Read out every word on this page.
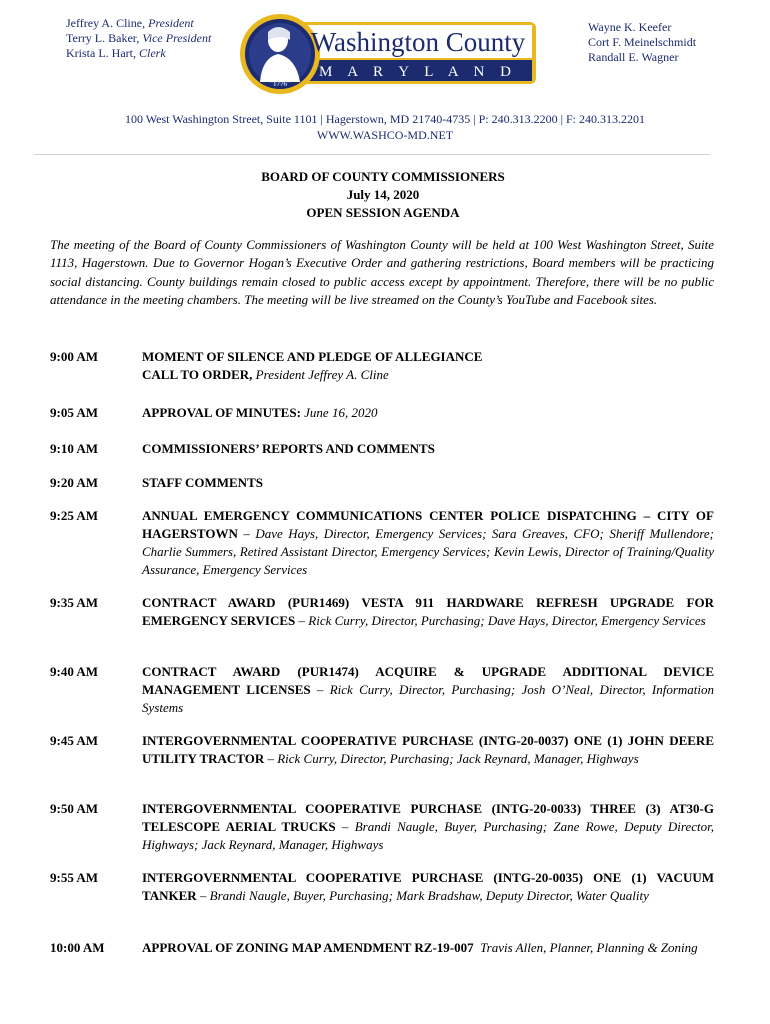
Jeffrey A. Cline, President
Terry L. Baker, Vice President
Krista L. Hart, Clerk
1776
Washington County
M A R Y L A N D
Wayne K. Keefer
Cort F. Meinelschmidt
Randall E. Wagner
100 West Washington Street, Suite 1101 | Hagerstown, MD 21740-4735 | P: 240.313.2200 | F: 240.313.2201
WWW.WASHCO-MD.NET
BOARD OF COUNTY COMMISSIONERS
July 14, 2020
OPEN SESSION AGENDA
The meeting of the Board of County Commissioners of Washington County will be held at 100 West Washington Street, Suite 1113, Hagerstown. Due to Governor Hogan’s Executive Order and gathering restrictions, Board members will be practicing social distancing. County buildings remain closed to public access except by appointment. Therefore, there will be no public attendance in the meeting chambers. The meeting will be live streamed on the County’s YouTube and Facebook sites.
9:00 AM	MOMENT OF SILENCE AND PLEDGE OF ALLEGIANCE
CALL TO ORDER, President Jeffrey A. Cline
9:05 AM	APPROVAL OF MINUTES: June 16, 2020
9:10 AM	COMMISSIONERS’ REPORTS AND COMMENTS
9:20 AM	STAFF COMMENTS
9:25 AM	ANNUAL EMERGENCY COMMUNICATIONS CENTER POLICE DISPATCHING – CITY OF HAGERSTOWN – Dave Hays, Director, Emergency Services; Sara Greaves, CFO; Sheriff Mullendore; Charlie Summers, Retired Assistant Director, Emergency Services; Kevin Lewis, Director of Training/Quality Assurance, Emergency Services
9:35 AM	CONTRACT AWARD (PUR1469) VESTA 911 HARDWARE REFRESH UPGRADE FOR EMERGENCY SERVICES – Rick Curry, Director, Purchasing; Dave Hays, Director, Emergency Services
9:40 AM	CONTRACT AWARD (PUR1474) ACQUIRE & UPGRADE ADDITIONAL DEVICE MANAGEMENT LICENSES – Rick Curry, Director, Purchasing; Josh O’Neal, Director, Information Systems
9:45 AM	INTERGOVERNMENTAL COOPERATIVE PURCHASE (INTG-20-0037) ONE (1) JOHN DEERE UTILITY TRACTOR – Rick Curry, Director, Purchasing; Jack Reynard, Manager, Highways
9:50 AM	INTERGOVERNMENTAL COOPERATIVE PURCHASE (INTG-20-0033) THREE (3) AT30-G TELESCOPE AERIAL TRUCKS – Brandi Naugle, Buyer, Purchasing; Zane Rowe, Deputy Director, Highways; Jack Reynard, Manager, Highways
9:55 AM	INTERGOVERNMENTAL COOPERATIVE PURCHASE (INTG-20-0035) ONE (1) VACUUM TANKER – Brandi Naugle, Buyer, Purchasing; Mark Bradshaw, Deputy Director, Water Quality
10:00 AM	APPROVAL OF ZONING MAP AMENDMENT RZ-19-007 Travis Allen, Planner, Planning & Zoning
